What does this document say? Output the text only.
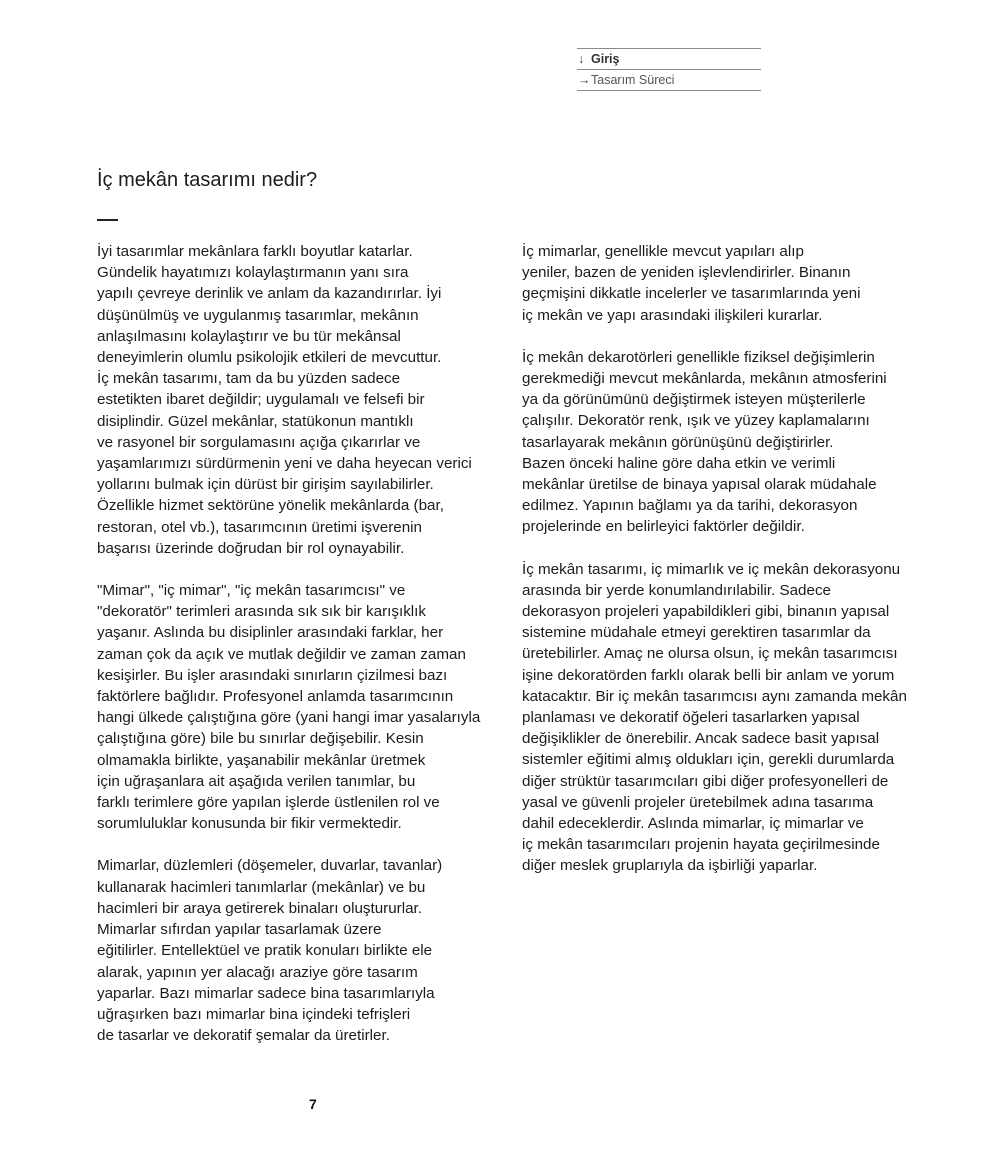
↓ Giriş
→Tasarım Süreci
İç mekân tasarımı nedir?

İyi tasarımlar mekânlara farklı boyutlar katarlar.
Gündelik hayatımızı kolaylaştırmanın yanı sıra
yapılı çevreye derinlik ve anlam da kazandırırlar. İyi
düşünülmüş ve uygulanmış tasarımlar, mekânın
anlaşılmasını kolaylaştırır ve bu tür mekânsal
deneyimlerin olumlu psikolojik etkileri de mevcuttur.
İç mekân tasarımı, tam da bu yüzden sadece
estetikten ibaret değildir; uygulamalı ve felsefi bir
disiplindir. Güzel mekânlar, statükonun mantıklı
ve rasyonel bir sorgulamasını açığa çıkarırlar ve
yaşamlarımızı sürdürmenin yeni ve daha heyecan verici
yollarını bulmak için dürüst bir girişim sayılabilirler.
Özellikle hizmet sektörüne yönelik mekânlarda (bar,
restoran, otel vb.), tasarımcının üretimi işverenin
başarısı üzerinde doğrudan bir rol oynayabilir.

"Mimar", "iç mimar", "iç mekân tasarımcısı" ve
"dekoratör" terimleri arasında sık sık bir karışıklık
yaşanır. Aslında bu disiplinler arasındaki farklar, her
zaman çok da açık ve mutlak değildir ve zaman zaman
kesişirler. Bu işler arasındaki sınırların çizilmesi bazı
faktörlere bağlıdır. Profesyonel anlamda tasarımcının
hangi ülkede çalıştığına göre (yani hangi imar yasalarıyla
çalıştığına göre) bile bu sınırlar değişebilir. Kesin
olmamakla birlikte, yaşanabilir mekânlar üretmek
için uğraşanlara ait aşağıda verilen tanımlar, bu
farklı terimlere göre yapılan işlerde üstlenilen rol ve
sorumluluklar konusunda bir fikir vermektedir.

Mimarlar, düzlemleri (döşemeler, duvarlar, tavanlar)
kullanarak hacimleri tanımlarlar (mekânlar) ve bu
hacimleri bir araya getirerek binaları oluştururlar.
Mimarlar sıfırdan yapılar tasarlamak üzere
eğitilirler. Entellektüel ve pratik konuları birlikte ele
alarak, yapının yer alacağı araziye göre tasarım
yaparlar. Bazı mimarlar sadece bina tasarımlarıyla
uğraşırken bazı mimarlar bina içindeki tefrişleri
de tasarlar ve dekoratif şemalar da üretirler.

İç mimarlar, genellikle mevcut yapıları alıp
yeniler, bazen de yeniden işlevlendirirler. Binanın
geçmişini dikkatle incelerler ve tasarımlarında yeni
iç mekân ve yapı arasındaki ilişkileri kurarlar.

İç mekân dekarotörleri genellikle fiziksel değişimlerin
gerekmediği mevcut mekânlarda, mekânın atmosferini
ya da görünümünü değiştirmek isteyen müşterilerle
çalışılır. Dekoratör renk, ışık ve yüzey kaplamalarını
tasarlayarak mekânın görünüşünü değiştirirler.
Bazen önceki haline göre daha etkin ve verimli
mekânlar üretilse de binaya yapısal olarak müdahale
edilmez. Yapının bağlamı ya da tarihi, dekorasyon
projelerinde en belirleyici faktörler değildir.

İç mekân tasarımı, iç mimarlık ve iç mekân dekorasyonu
arasında bir yerde konumlandırılabilir. Sadece
dekorasyon projeleri yapabildikleri gibi, binanın yapısal
sistemine müdahale etmeyi gerektiren tasarımlar da
üretebilirler. Amaç ne olursa olsun, iç mekân tasarımcısı
işine dekoratörden farklı olarak belli bir anlam ve yorum
katacaktır. Bir iç mekân tasarımcısı aynı zamanda mekân
planlaması ve dekoratif öğeleri tasarlarken yapısal
değişiklikler de önerebilir. Ancak sadece basit yapısal
sistemler eğitimi almış oldukları için, gerekli durumlarda
diğer strüktür tasarımcıları gibi diğer profesyonelleri de
yasal ve güvenli projeler üretebilmek adına tasarıma
dahil edeceklerdir. Aslında mimarlar, iç mimarlar ve
iç mekân tasarımcıları projenin hayata geçirilmesinde
diğer meslek gruplarıyla da işbirliği yaparlar.

7
